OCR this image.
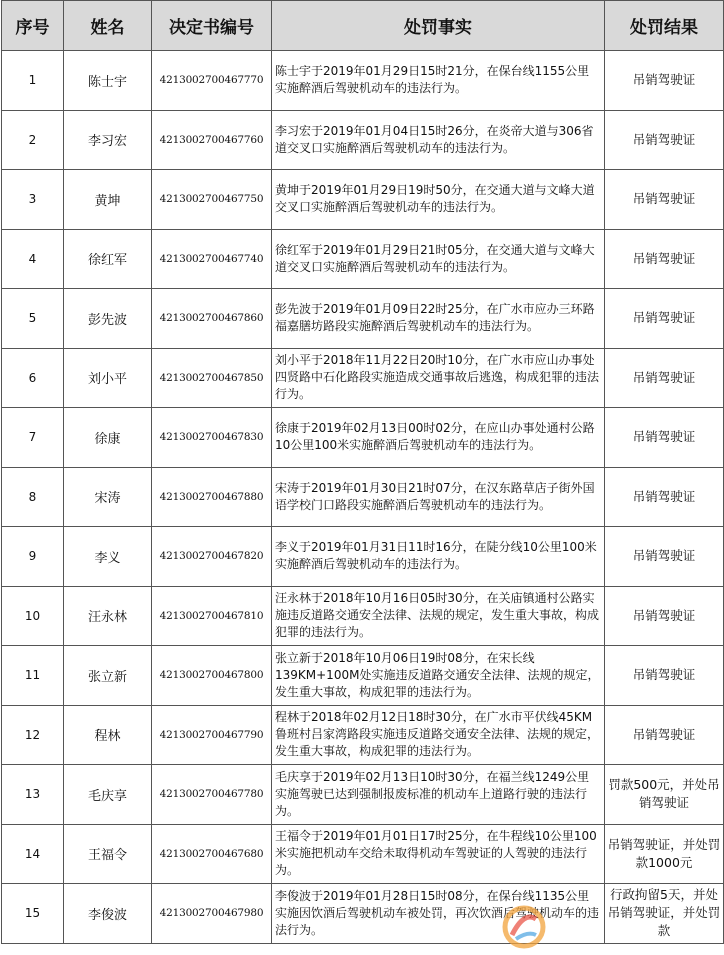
序号	姓名	决定书编号	处罚事实	处罚结果
1	陈士宇	4213002700467770	陈士宇于2019年01月29日15时21分，在保台线1155公里实施醉酒后驾驶机动车的违法行为。	吊销驾驶证
2	李习宏	4213002700467760	李习宏于2019年01月04日15时26分，在炎帝大道与306省道交叉口实施醉酒后驾驶机动车的违法行为。	吊销驾驶证
3	黄坤	4213002700467750	黄坤于2019年01月29日19时50分，在交通大道与文峰大道交叉口实施醉酒后驾驶机动车的违法行为。	吊销驾驶证
4	徐红军	4213002700467740	徐红军于2019年01月29日21时05分，在交通大道与文峰大道交叉口实施醉酒后驾驶机动车的违法行为。	吊销驾驶证
5	彭先波	4213002700467860	彭先波于2019年01月09日22时25分，在广水市应办三环路福嘉膳坊路段实施醉酒后驾驶机动车的违法行为。	吊销驾驶证
6	刘小平	4213002700467850	刘小平于2018年11月22日20时10分，在广水市应山办事处四贤路中石化路段实施造成交通事故后逃逸，构成犯罪的违法行为。	吊销驾驶证
7	徐康	4213002700467830	徐康于2019年02月13日00时02分，在应山办事处通村公路10公里100米实施醉酒后驾驶机动车的违法行为。	吊销驾驶证
8	宋涛	4213002700467880	宋涛于2019年01月30日21时07分，在汉东路草店子街外国语学校门口路段实施醉酒后驾驶机动车的违法行为。	吊销驾驶证
9	李义	4213002700467820	李义于2019年01月31日11时16分，在陡分线10公里100米实施醉酒后驾驶机动车的违法行为。	吊销驾驶证
10	汪永林	4213002700467810	汪永林于2018年10月16日05时30分，在关庙镇通村公路实施违反道路交通安全法律、法规的规定，发生重大事故，构成犯罪的违法行为。	吊销驾驶证
11	张立新	4213002700467800	张立新于2018年10月06日19时08分，在宋长线139KM+100M处实施违反道路交通安全法律、法规的规定，发生重大事故，构成犯罪的违法行为。	吊销驾驶证
12	程林	4213002700467790	程林于2018年02月12日18时30分，在广水市平伏线45KM鲁班村吕家湾路段实施违反道路交通安全法律、法规的规定，发生重大事故，构成犯罪的违法行为。	吊销驾驶证
13	毛庆享	4213002700467780	毛庆享于2019年02月13日10时30分，在福兰线1249公里实施驾驶已达到强制报废标准的机动车上道路行驶的违法行为。	罚款500元，并处吊销驾驶证
14	王福令	4213002700467680	王福令于2019年01月01日17时25分，在牛程线10公里100米实施把机动车交给未取得机动车驾驶证的人驾驶的违法行为。	吊销驾驶证，并处罚款1000元
15	李俊波	4213002700467980	李俊波于2019年01月28日15时08分，在保台线1135公里实施因饮酒后驾驶机动车被处罚，再次饮酒后驾驶机动车的违法行为。	行政拘留5天，并处吊销驾驶证，并处罚款
